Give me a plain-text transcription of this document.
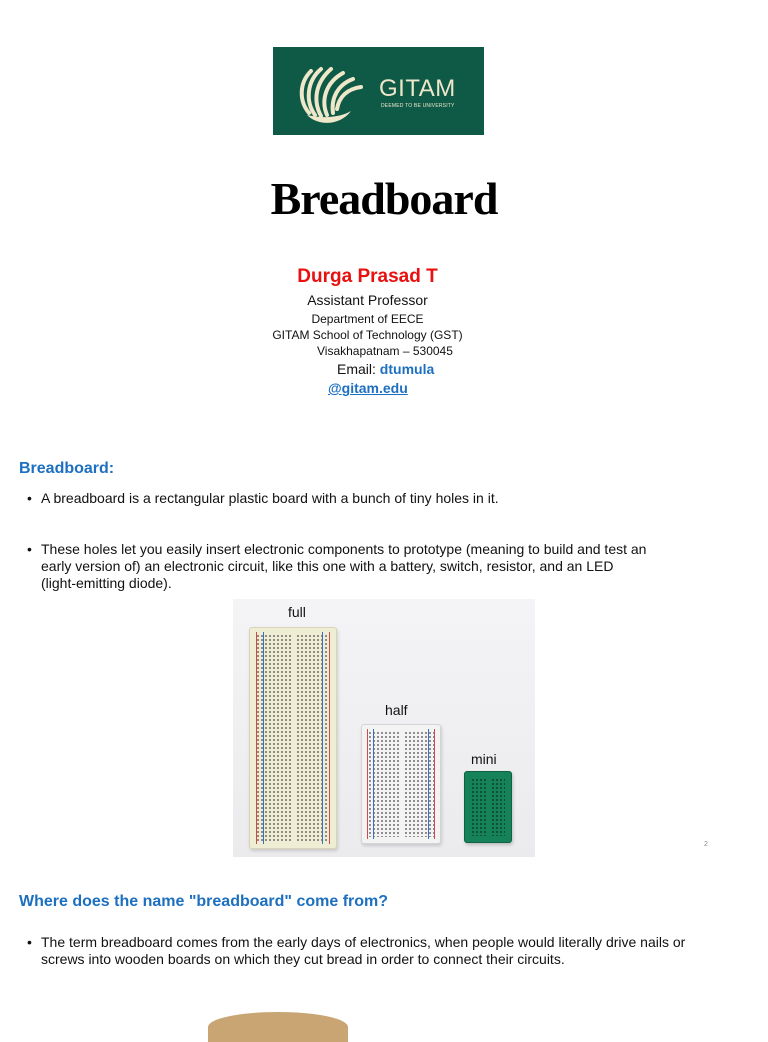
GITAM
DEEMED TO BE UNIVERSITY
Breadboard
Durga Prasad T
Assistant Professor
Department of EECE
GITAM School of Technology (GST)
Visakhapatnam – 530045
Email: dtumula
@gitam.edu
Breadboard:
• A breadboard is a rectangular plastic board with a bunch of tiny holes in it.
• These holes let you easily insert electronic components to prototype (meaning to build and test an early version of) an electronic circuit, like this one with a battery, switch, resistor, and an LED (light-emitting diode).
full
half
mini
2
Where does the name "breadboard" come from?
• The term breadboard comes from the early days of electronics, when people would literally drive nails or screws into wooden boards on which they cut bread in order to connect their circuits.
